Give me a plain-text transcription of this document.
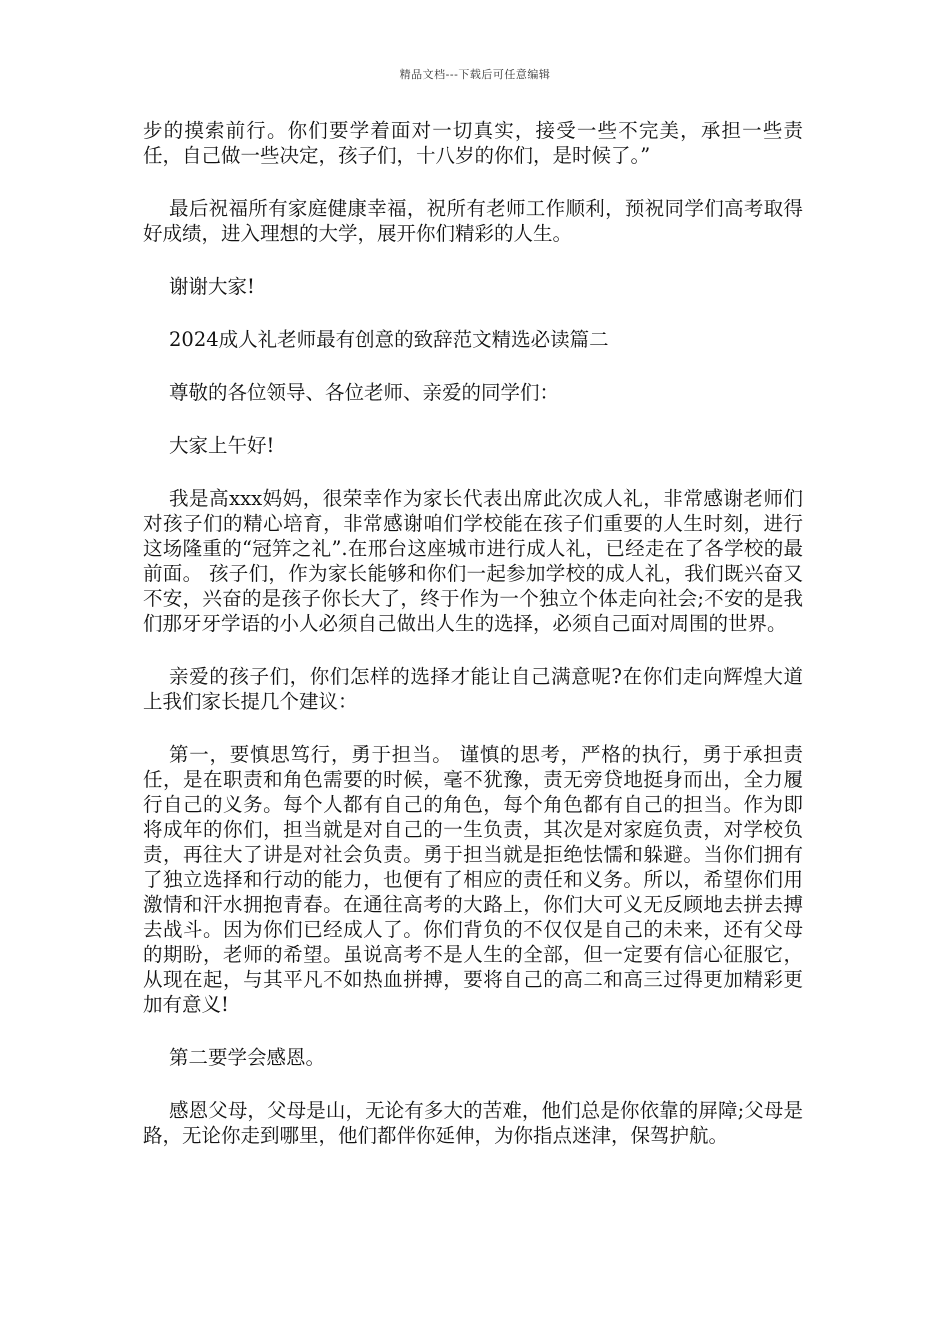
精品文档---下载后可任意编辑

步的摸索前行。你们要学着面对一切真实，接受一些不完美，承担一些责任，自己做一些决定，孩子们，十八岁的你们，是时候了。”

最后祝福所有家庭健康幸福，祝所有老师工作顺利，预祝同学们高考取得好成绩，进入理想的大学，展开你们精彩的人生。

谢谢大家!

2024成人礼老师最有创意的致辞范文精选必读篇二

尊敬的各位领导、各位老师、亲爱的同学们：

大家上午好!

我是高xxx妈妈，很荣幸作为家长代表出席此次成人礼，非常感谢老师们对孩子们的精心培育，非常感谢咱们学校能在孩子们重要的人生时刻，进行这场隆重的“冠笄之礼”.在邢台这座城市进行成人礼，已经走在了各学校的最前面。 孩子们，作为家长能够和你们一起参加学校的成人礼，我们既兴奋又不安，兴奋的是孩子你长大了，终于作为一个独立个体走向社会;不安的是我们那牙牙学语的小人必须自己做出人生的选择，必须自己面对周围的世界。

亲爱的孩子们，你们怎样的选择才能让自己满意呢?在你们走向辉煌大道上我们家长提几个建议：

第一，要慎思笃行，勇于担当。 谨慎的思考，严格的执行，勇于承担责任，是在职责和角色需要的时候，毫不犹豫，责无旁贷地挺身而出，全力履行自己的义务。每个人都有自己的角色，每个角色都有自己的担当。作为即将成年的你们，担当就是对自己的一生负责，其次是对家庭负责，对学校负责，再往大了讲是对社会负责。勇于担当就是拒绝怯懦和躲避。当你们拥有了独立选择和行动的能力，也便有了相应的责任和义务。所以，希望你们用激情和汗水拥抱青春。在通往高考的大路上，你们大可义无反顾地去拼去搏去战斗。因为你们已经成人了。你们背负的不仅仅是自己的未来，还有父母的期盼，老师的希望。虽说高考不是人生的全部，但一定要有信心征服它，从现在起，与其平凡不如热血拼搏，要将自己的高二和高三过得更加精彩更加有意义!

第二要学会感恩。

感恩父母，父母是山，无论有多大的苦难，他们总是你依靠的屏障;父母是路，无论你走到哪里，他们都伴你延伸，为你指点迷津，保驾护航。
